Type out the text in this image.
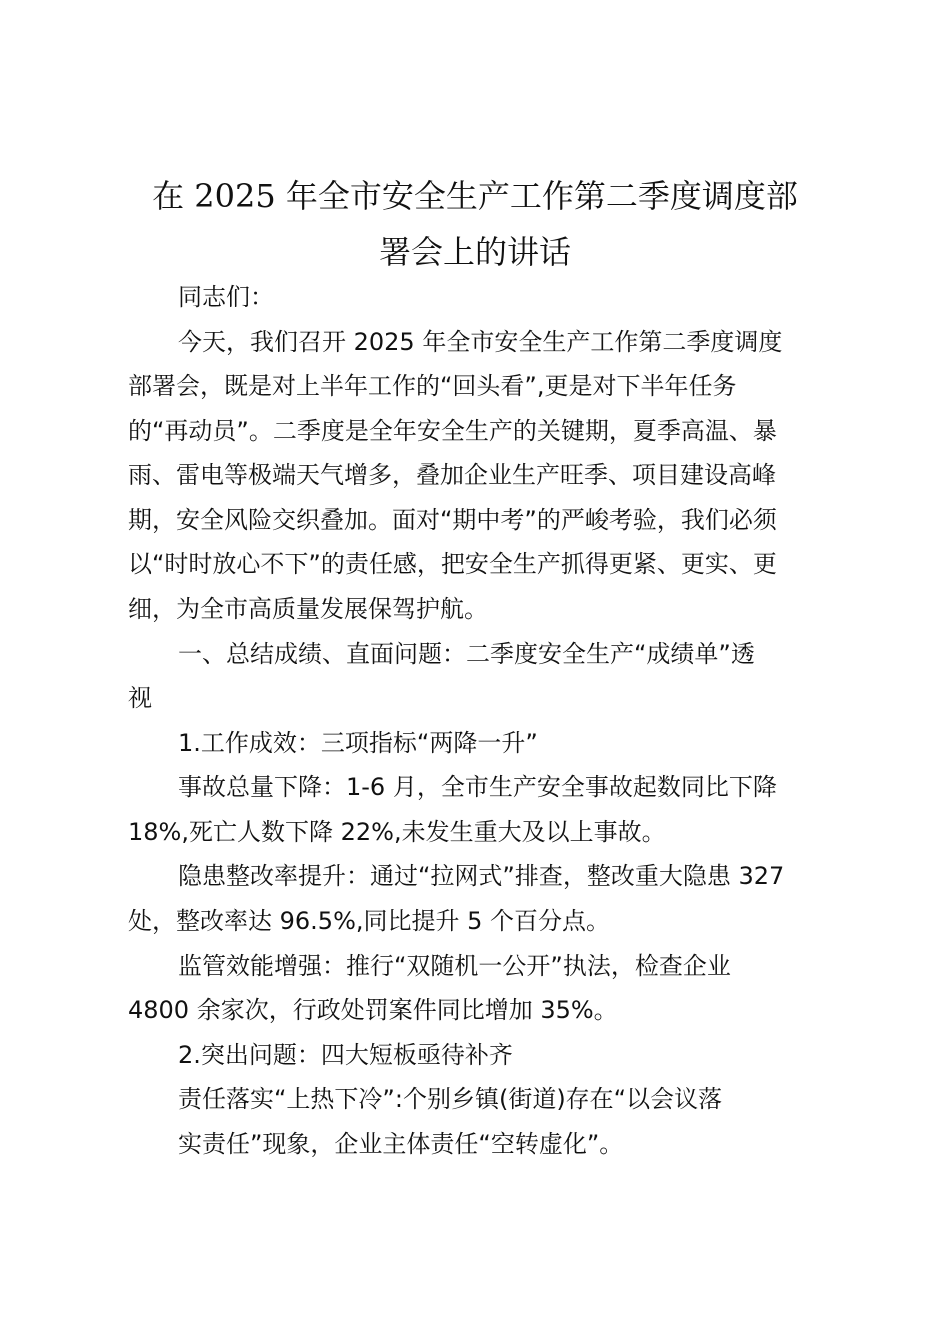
在 2025 年全市安全生产工作第二季度调度部
署会上的讲话

同志们：

今天，我们召开 2025 年全市安全生产工作第二季度调度

部署会，既是对上半年工作的“回头看”,更是对下半年任务

的“再动员”。二季度是全年安全生产的关键期，夏季高温、暴

雨、雷电等极端天气增多，叠加企业生产旺季、项目建设高峰

期，安全风险交织叠加。面对“期中考”的严峻考验，我们必须

以“时时放心不下”的责任感，把安全生产抓得更紧、更实、更

细，为全市高质量发展保驾护航。

一、总结成绩、直面问题：二季度安全生产“成绩单”透

视

1.工作成效：三项指标“两降一升”

事故总量下降：1-6 月，全市生产安全事故起数同比下降

18%,死亡人数下降 22%,未发生重大及以上事故。

隐患整改率提升：通过“拉网式”排查，整改重大隐患 327

处，整改率达 96.5%,同比提升 5 个百分点。

监管效能增强：推行“双随机一公开”执法，检查企业

4800 余家次，行政处罚案件同比增加 35%。

2.突出问题：四大短板亟待补齐

责任落实“上热下冷”:个别乡镇(街道)存在“以会议落

实责任”现象，企业主体责任“空转虚化”。
